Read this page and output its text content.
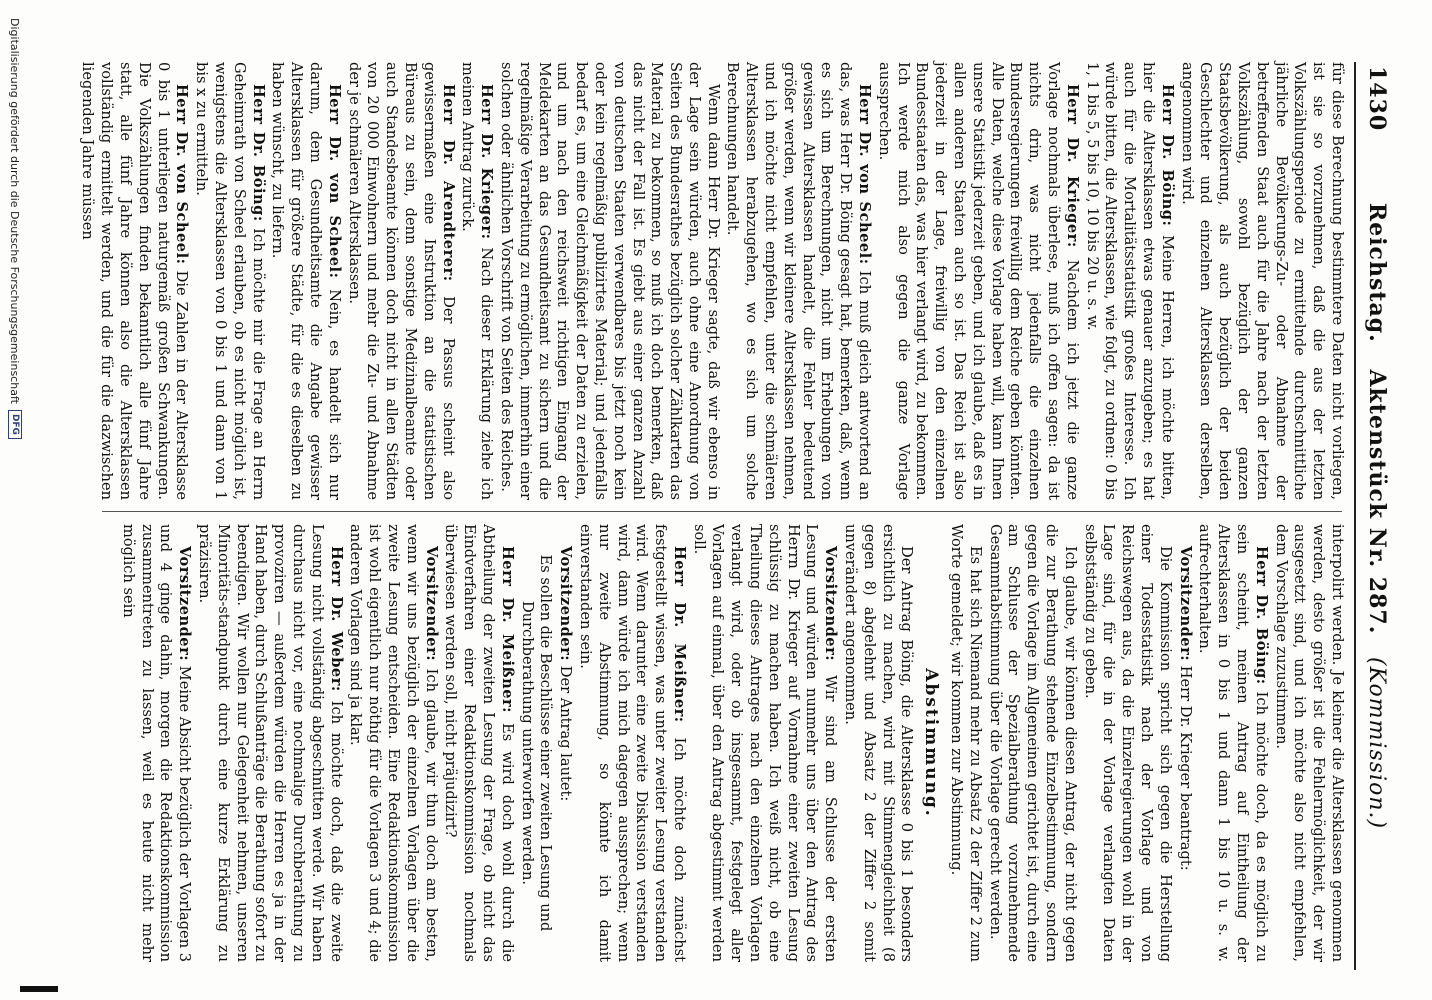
1430
Reichstag. Aktenstück Nr. 287. (Kommission.)

für diese Berechnung bestimmtere Daten nicht vorliegen, ist sie so vorzunehmen, daß die aus der letzten Volkszählungsperiode zu ermittelnde durchschnittliche jährliche Bevölkerungs-Zu- oder Abnahme der betreffenden Staat auch für die Jahre nach der letzten Volkszählung, sowohl bezüglich der ganzen Staatsbevölkerung, als auch bezüglich der beiden Geschlechter und einzelnen Altersklassen derselben, angenommen wird.

Herr Dr. Böing: Meine Herren, ich möchte bitten, hier die Altersklassen etwas genauer anzugeben; es hat auch für die Mortalitätsstatistik großes Interesse. Ich würde bitten, die Altersklassen, wie folgt, zu ordnen: 0 bis 1, 1 bis 5, 5 bis 10, 10 bis 20 u. s. w.

Herr Dr. Krieger: Nachdem ich jetzt die ganze Vorlage nochmals überlese, muß ich offen sagen: da ist nichts drin, was nicht jedenfalls die einzelnen Bundesregierungen freiwillig dem Reiche geben könnten. Alle Daten, welche diese Vorlage haben will, kann Ihnen unsere Statistik jederzeit geben, und ich glaube, daß es in allen anderen Staaten auch so ist. Das Reich ist also jederzeit in der Lage, freiwillig von den einzelnen Bundesstaaten das, was hier verlangt wird, zu bekommen. Ich werde mich also gegen die ganze Vorlage aussprechen.

Herr Dr. von Scheel: Ich muß gleich antwortend an das, was Herr Dr. Böing gesagt hat, bemerken, daß, wenn es sich um Berechnungen, nicht um Erhebungen von gewissen Altersklassen handelt, die Fehler bedeutend größer werden, wenn wir kleinere Altersklassen nehmen, und ich möchte nicht empfehlen, unter die schmäleren Altersklassen herabzugehen, wo es sich um solche Berechnungen handelt.

Wenn dann Herr Dr. Krieger sagte, daß wir ebenso in der Lage sein würden, auch ohne eine Anordnung von Seiten des Bundesrathes bezüglich solcher Zählkarten das Material zu bekommen, so muß ich doch bemerken, daß das nicht der Fall ist. Es giebt aus einer ganzen Anzahl von deutschen Staaten verwendbares bis jetzt noch kein oder kein regelmäßig publizirtes Material; und jedenfalls bedarf es, um eine Gleichmäßigkeit der Daten zu erzielen, und um nach den reichsweit richtigen Eingang der Meldekarten an das Gesundheitsamt zu sichern und die regelmäßige Verarbeitung zu ermöglichen, immerhin einer solchen oder ähnlichen Vorschrift von Seiten des Reiches.

Herr Dr. Krieger: Nach dieser Erklärung ziehe ich meinen Antrag zurück.

Herr Dr. Arendterer: Der Passus scheint also gewissermaßen eine Instruktion an die statistischen Büreaus zu sein, denn sonstige Medizinalbeamte oder auch Standesbeamte können doch nicht in allen Städten von 20 000 Einwohnern und mehr die Zu- und Abnahme der je schmäleren Altersklassen.

Herr Dr. von Scheel: Nein, es handelt sich nur darum, dem Gesundheitsamte die Angabe gewisser Altersklassen für größere Städte, für die es dieselben zu haben wünscht, zu liefern.

Herr Dr. Böing: Ich möchte mir die Frage an Herrn Geheimrath von Scheel erlauben, ob es nicht möglich ist, wenigstens die Altersklassen von 0 bis 1 und dann von 1 bis x zu ermitteln.

Herr Dr. von Scheel: Die Zahlen in der Altersklasse 0 bis 1 unterliegen naturgemäß großen Schwankungen. Die Volkszählungen finden bekanntlich alle fünf Jahre statt, alle fünf Jahre können also die Altersklassen vollständig ermittelt werden, und die für die dazwischen liegenden Jahre müssen

interpolirt werden. Je kleiner die Altersklassen genommen werden, desto größer ist die Fehlermöglichkeit, der wir ausgesetzt sind, und ich möchte also nicht empfehlen, dem Vorschlage zuzustimmen.

Herr Dr. Böing: Ich möchte doch, da es möglich zu sein scheint, meinen Antrag auf Eintheilung der Altersklassen in 0 bis 1 und dann 1 bis 10 u. s. w. aufrechterhalten.

Vorsitzender: Herr Dr. Krieger beantragt:

Die Kommission spricht sich gegen die Herstellung einer Todesstatistik nach der Vorlage und von Reichswegen aus, da die Einzelregierungen wohl in der Lage sind, für die in der Vorlage verlangten Daten selbstständig zu geben.

Ich glaube, wir können diesen Antrag, der nicht gegen die zur Berathung stehende Einzelbestimmung, sondern gegen die Vorlage im Allgemeinen gerichtet ist, durch eine am Schlusse der Spezialberathung vorzunehmende Gesammtabstimmung über die Vorlage gerecht werden.

Es hat sich Niemand mehr zu Absatz 2 der Ziffer 2 zum Worte gemeldet; wir kommen zur Abstimmung.

Abstimmung.

Der Antrag Böing, die Altersklasse 0 bis 1 besonders ersichtlich zu machen, wird mit Stimmengleichheit (8 gegen 8) abgelehnt und Absatz 2 der Ziffer 2 somit unverändert angenommen.

Vorsitzender: Wir sind am Schlusse der ersten Lesung und würden nunmehr uns über den Antrag des Herrn Dr. Krieger auf Vornahme einer zweiten Lesung schlüssig zu machen haben. Ich weiß nicht, ob eine Theilung dieses Antrages nach den einzelnen Vorlagen verlangt wird, oder ob insgesammt, festgelegt aller Vorlagen auf einmal, über den Antrag abgestimmt werden soll.

Herr Dr. Meißner: Ich möchte doch zunächst festgestellt wissen, was unter zweiter Lesung verstanden wird. Wenn darunter eine zweite Diskussion verstanden wird, dann würde ich mich dagegen aussprechen; wenn nur zweite Abstimmung, so könnte ich damit einverstanden sein.

Vorsitzender: Der Antrag lautet:

Es sollen die Beschlüsse einer zweiten Lesung und Durchberathung unterworfen werden.

Herr Dr. Meißner: Es wird doch wohl durch die Abtheilung der zweiten Lesung der Frage, ob nicht das Eindverfahren einer Redaktionskommission nochmals überwiesen werden soll, nicht präjudizirt?

Vorsitzender: Ich glaube, wir thun doch am besten, wenn wir uns bezüglich der einzelnen Vorlagen über die zweite Lesung entscheiden. Eine Redaktionskommission ist wohl eigentlich nur nöthig für die Vorlagen 3 und 4; die anderen Vorlagen sind ja klar.

Herr Dr. Weber: Ich möchte doch, daß die zweite Lesung nicht vollständig abgeschnitten werde. Wir haben durchaus nicht vor, eine nochmalige Durchberathung zu provoziren — außerdem würden die Herren es ja in der Hand haben, durch Schlußanträge die Berathung sofort zu beendigen. Wir wollen nur Gelegenheit nehmen, unseren Minoritäts-standpunkt durch eine kurze Erklärung zu präzisiren.

Vorsitzender: Meine Absicht bezüglich der Vorlagen 3 und 4 ginge dahin, morgen die Redaktionskommission zusammentreten zu lassen, weil es heute nicht mehr möglich sein

Digitalisierung gefördert durch die Deutsche Forschungsgemeinschaft
DFG
